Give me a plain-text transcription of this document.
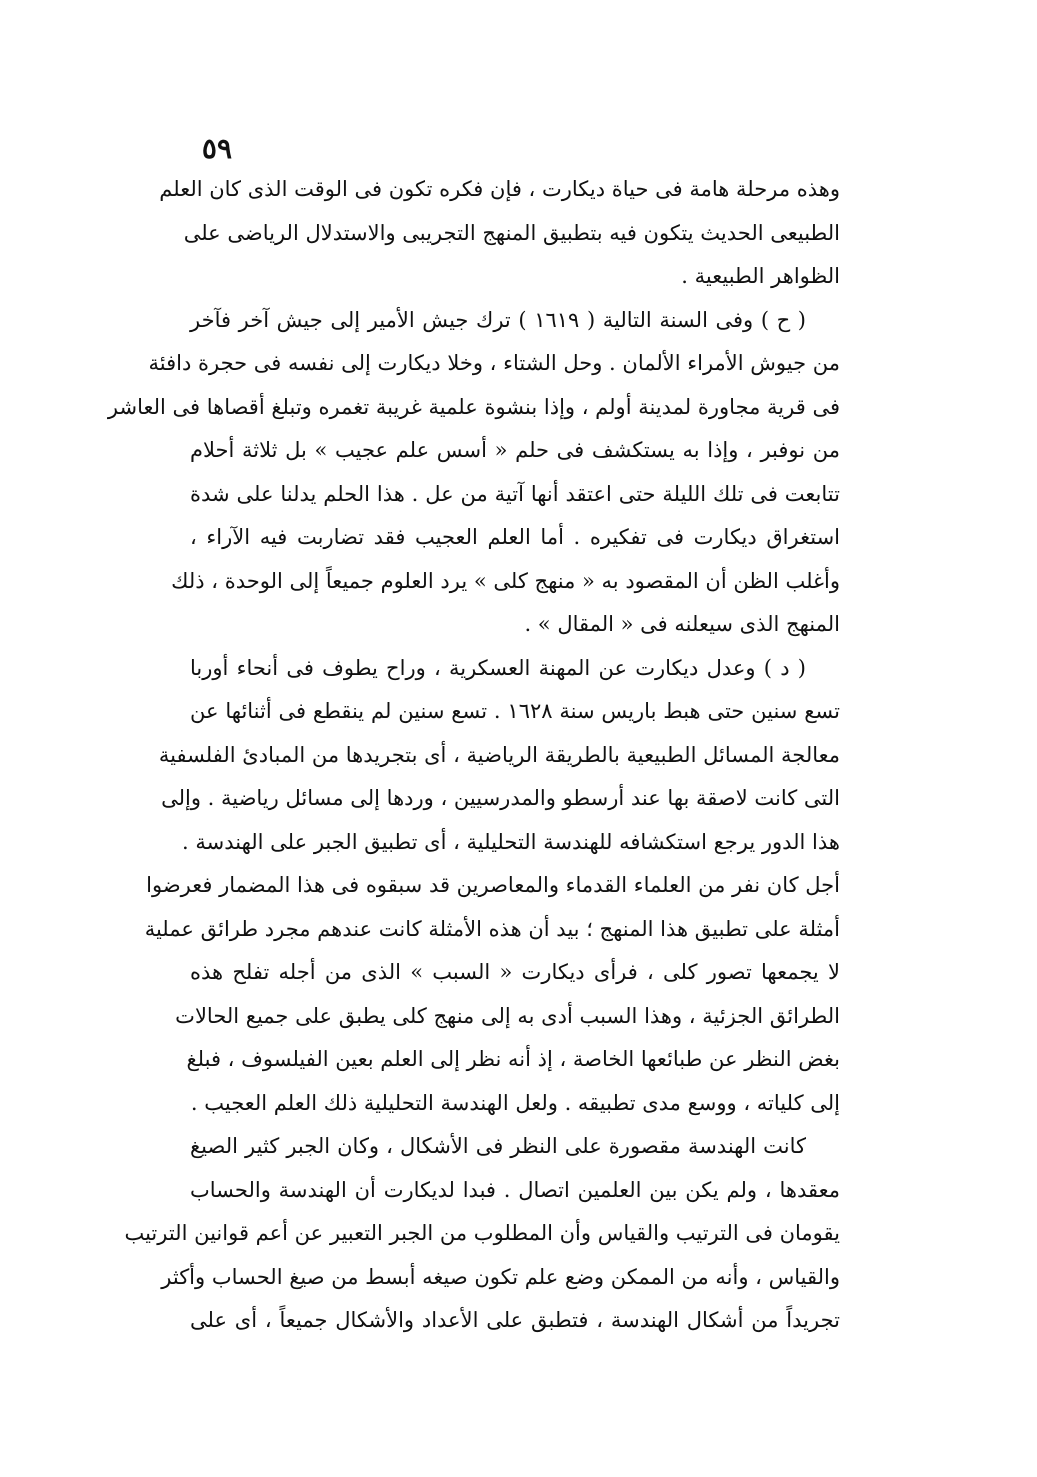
٥٩
وهذه مرحلة هامة فى حياة ديكارت ، فإن فكره تكون فى الوقت الذى كان العلم
الطبيعى الحديث يتكون فيه بتطبيق المنهج التجريبى والاستدلال الرياضى على
الظواهر الطبيعية .
( ح ) وفى السنة التالية ( ١٦١٩ ) ترك جيش الأمير إلى جيش آخر فآخر
من جيوش الأمراء الألمان . وحل الشتاء ، وخلا ديكارت إلى نفسه فى حجرة دافئة
فى قرية مجاورة لمدينة أولم ، وإذا بنشوة علمية غريبة تغمره وتبلغ أقصاها فى العاشر
من نوفبر ، وإذا به يستكشف فى حلم « أسس علم عجيب » بل ثلاثة أحلام
تتابعت فى تلك الليلة حتى اعتقد أنها آتية من عل . هذا الحلم يدلنا على شدة
استغراق ديكارت فى تفكيره . أما العلم العجيب فقد تضاربت فيه الآراء ،
وأغلب الظن أن المقصود به « منهج كلى » يرد العلوم جميعاً إلى الوحدة ، ذلك
المنهج الذى سيعلنه فى « المقال » .
( د ) وعدل ديكارت عن المهنة العسكرية ، وراح يطوف فى أنحاء أوربا
تسع سنين حتى هبط باريس سنة ١٦٢٨ . تسع سنين لم ينقطع فى أثنائها عن
معالجة المسائل الطبيعية بالطريقة الرياضية ، أى بتجريدها من المبادئ الفلسفية
التى كانت لاصقة بها عند أرسطو والمدرسيين ، وردها إلى مسائل رياضية . وإلى
هذا الدور يرجع استكشافه للهندسة التحليلية ، أى تطبيق الجبر على الهندسة .
أجل كان نفر من العلماء القدماء والمعاصرين قد سبقوه فى هذا المضمار فعرضوا
أمثلة على تطبيق هذا المنهج ؛ بيد أن هذه الأمثلة كانت عندهم مجرد طرائق عملية
لا يجمعها تصور كلى ، فرأى ديكارت « السبب » الذى من أجله تفلح هذه
الطرائق الجزئية ، وهذا السبب أدى به إلى منهج كلى يطبق على جميع الحالات
بغض النظر عن طبائعها الخاصة ، إذ أنه نظر إلى العلم بعين الفيلسوف ، فبلغ
إلى كلياته ، ووسع مدى تطبيقه . ولعل الهندسة التحليلية ذلك العلم العجيب .
كانت الهندسة مقصورة على النظر فى الأشكال ، وكان الجبر كثير الصيغ
معقدها ، ولم يكن بين العلمين اتصال . فبدا لديكارت أن الهندسة والحساب
يقومان فى الترتيب والقياس وأن المطلوب من الجبر التعبير عن أعم قوانين الترتيب
والقياس ، وأنه من الممكن وضع علم تكون صيغه أبسط من صيغ الحساب وأكثر
تجريداً من أشكال الهندسة ، فتطبق على الأعداد والأشكال جميعاً ، أى على
